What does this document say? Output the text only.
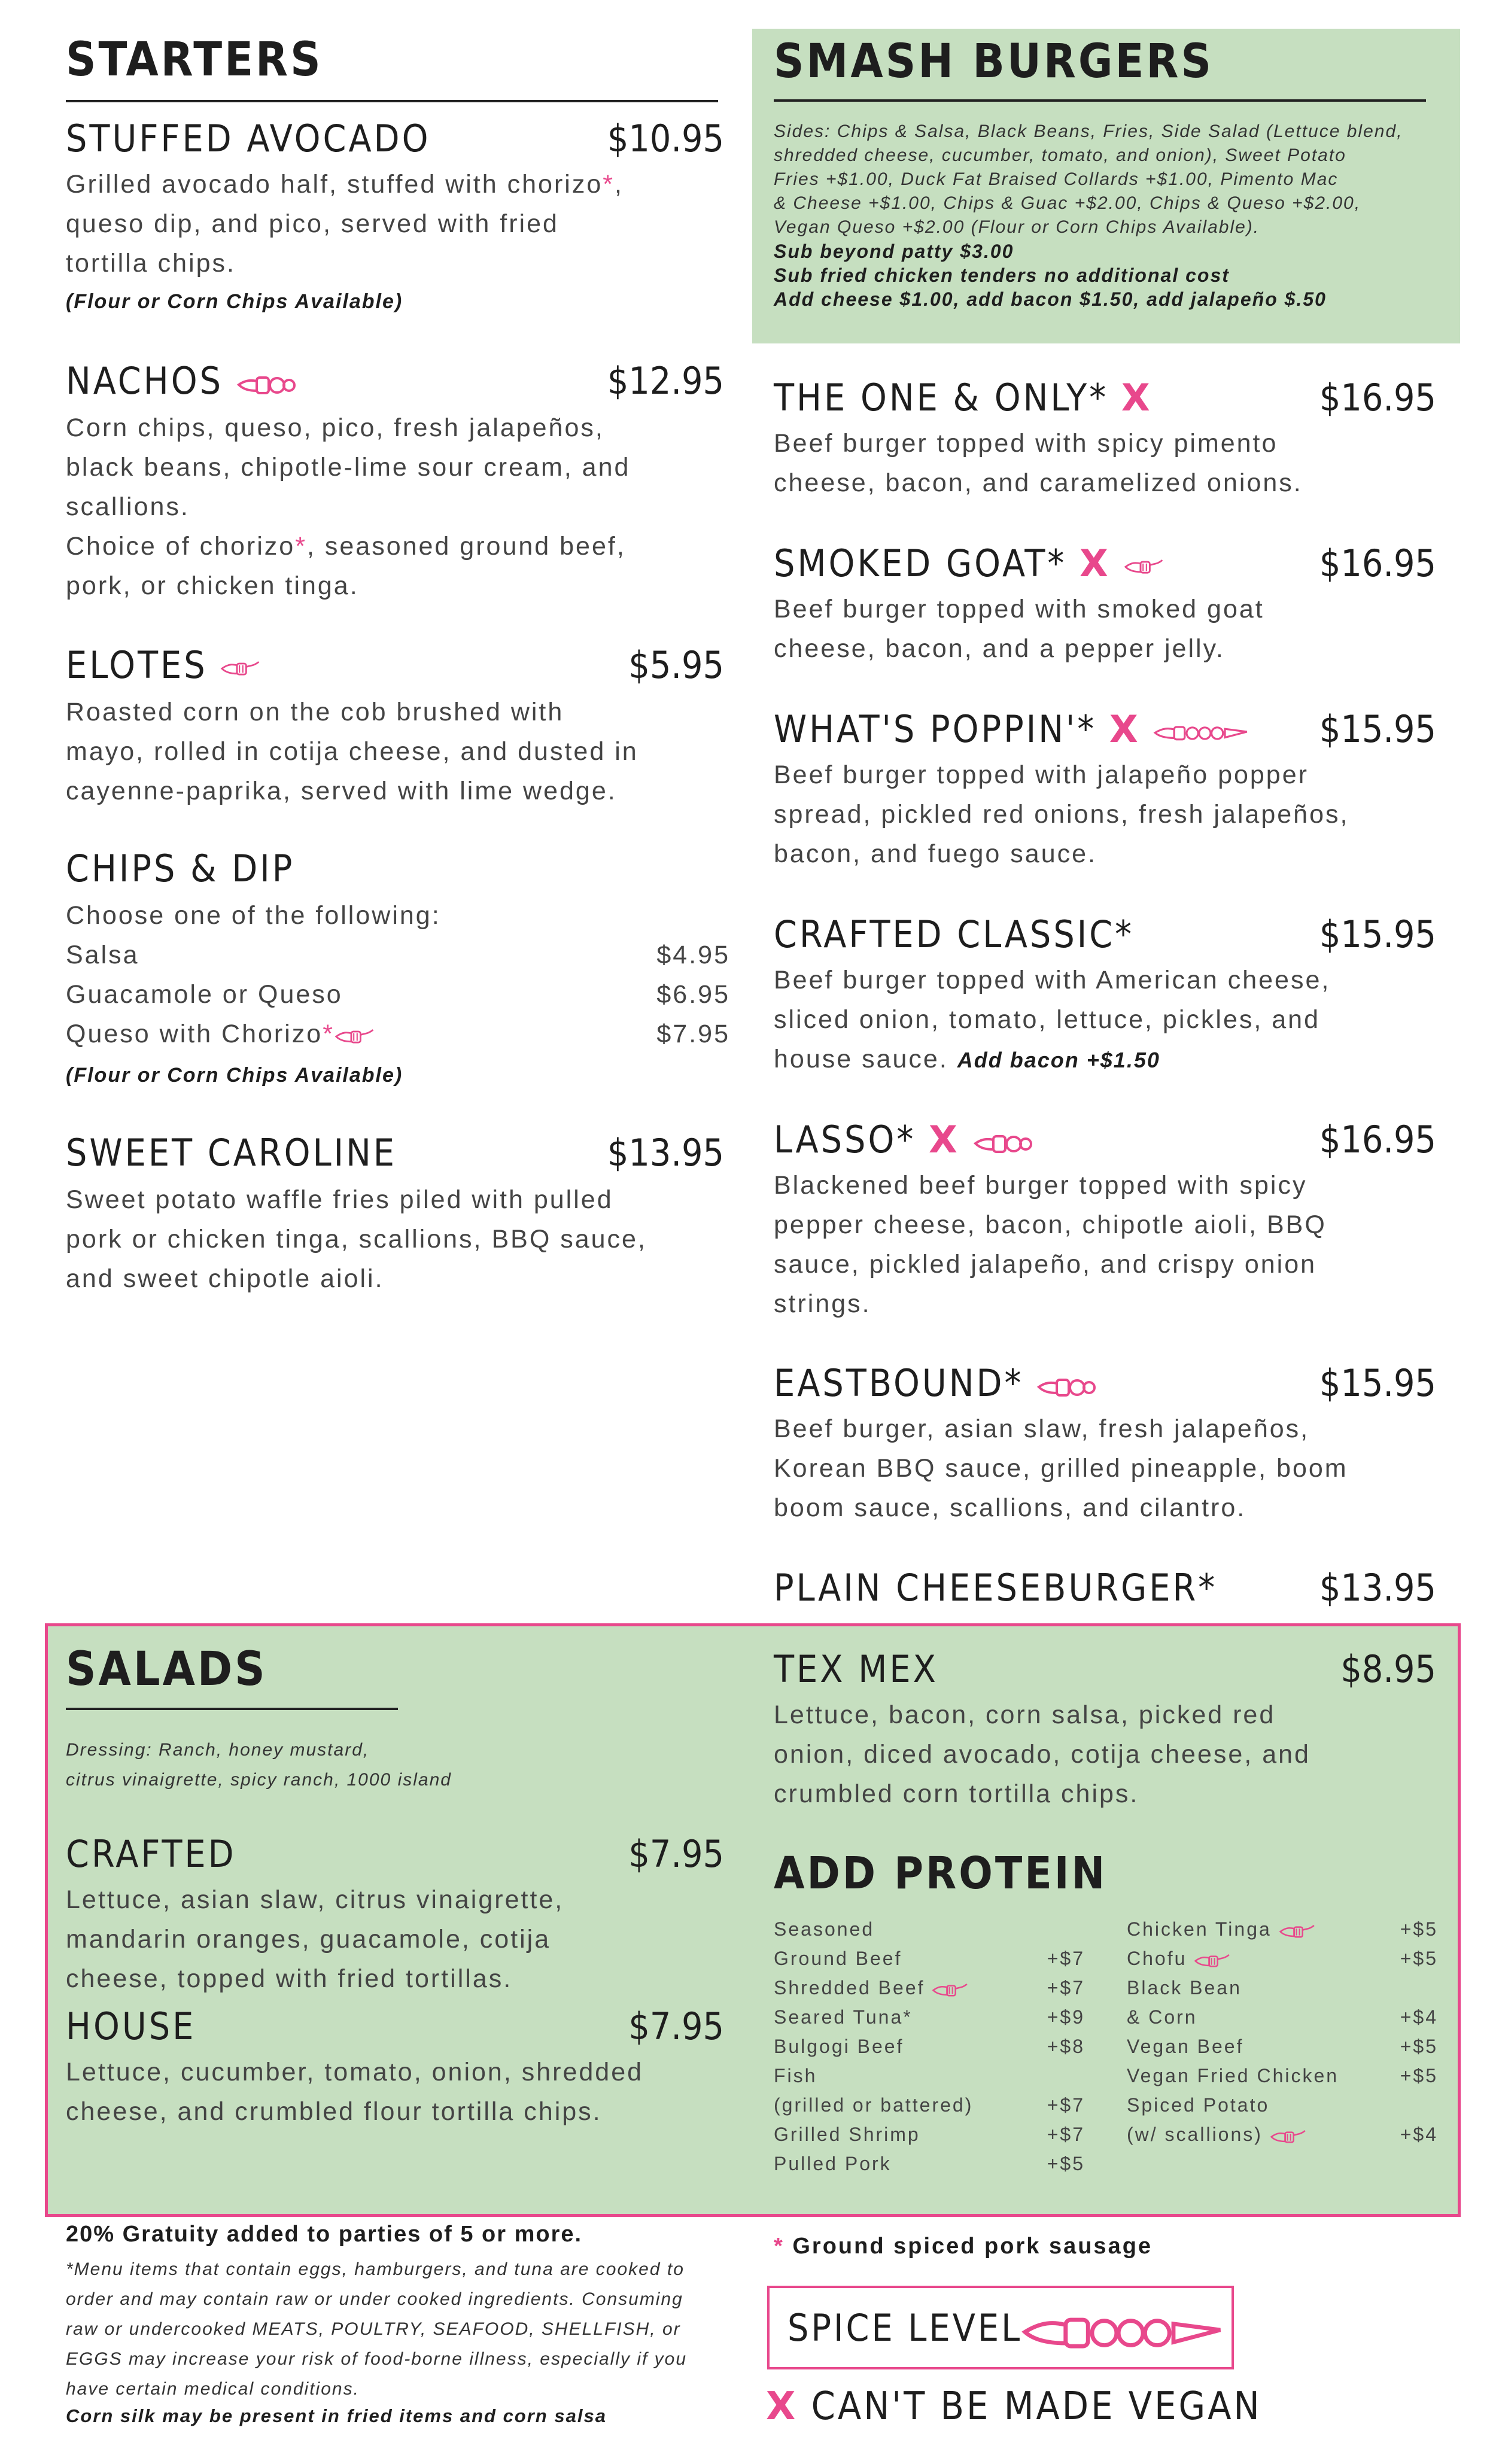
STARTERS
STUFFED AVOCADO	$10.95
Grilled avocado half, stuffed with chorizo*,
queso dip, and pico, served with fried
tortilla chips.
(Flour or Corn Chips Available)
NACHOS	$12.95
Corn chips, queso, pico, fresh jalapeños,
black beans, chipotle-lime sour cream, and
scallions.
Choice of chorizo*, seasoned ground beef,
pork, or chicken tinga.
ELOTES	$5.95
Roasted corn on the cob brushed with
mayo, rolled in cotija cheese, and dusted in
cayenne-paprika, served with lime wedge.
CHIPS & DIP
Choose one of the following:
Salsa	$4.95
Guacamole or Queso	$6.95
Queso with Chorizo*	$7.95
(Flour or Corn Chips Available)
SWEET CAROLINE	$13.95
Sweet potato waffle fries piled with pulled
pork or chicken tinga, scallions, BBQ sauce,
and sweet chipotle aioli.
SMASH BURGERS
Sides: Chips & Salsa, Black Beans, Fries, Side Salad (Lettuce blend,
shredded cheese, cucumber, tomato, and onion), Sweet Potato
Fries +$1.00, Duck Fat Braised Collards +$1.00, Pimento Mac
& Cheese +$1.00, Chips & Guac +$2.00, Chips & Queso +$2.00,
Vegan Queso +$2.00 (Flour or Corn Chips Available).
Sub beyond patty $3.00
Sub fried chicken tenders no additional cost
Add cheese $1.00, add bacon $1.50, add jalapeño $.50
THE ONE & ONLY* X	$16.95
Beef burger topped with spicy pimento
cheese, bacon, and caramelized onions.
SMOKED GOAT* X	$16.95
Beef burger topped with smoked goat
cheese, bacon, and a pepper jelly.
WHAT'S POPPIN'* X	$15.95
Beef burger topped with jalapeño popper
spread, pickled red onions, fresh jalapeños,
bacon, and fuego sauce.
CRAFTED CLASSIC*	$15.95
Beef burger topped with American cheese,
sliced onion, tomato, lettuce, pickles, and
house sauce. Add bacon +$1.50
LASSO* X	$16.95
Blackened beef burger topped with spicy
pepper cheese, bacon, chipotle aioli, BBQ
sauce, pickled jalapeño, and crispy onion
strings.
EASTBOUND*	$15.95
Beef burger, asian slaw, fresh jalapeños,
Korean BBQ sauce, grilled pineapple, boom
boom sauce, scallions, and cilantro.
PLAIN CHEESEBURGER*	$13.95
SALADS
Dressing: Ranch, honey mustard,
citrus vinaigrette, spicy ranch, 1000 island
CRAFTED	$7.95
Lettuce, asian slaw, citrus vinaigrette,
mandarin oranges, guacamole, cotija
cheese, topped with fried tortillas.
HOUSE	$7.95
Lettuce, cucumber, tomato, onion, shredded
cheese, and crumbled flour tortilla chips.
TEX MEX	$8.95
Lettuce, bacon, corn salsa, picked red
onion, diced avocado, cotija cheese, and
crumbled corn tortilla chips.
ADD PROTEIN
Seasoned
Ground Beef	+$7
Shredded Beef	+$7
Seared Tuna*	+$9
Bulgogi Beef	+$8
Fish
(grilled or battered)	+$7
Grilled Shrimp	+$7
Pulled Pork	+$5
Chicken Tinga	+$5
Chofu	+$5
Black Bean
& Corn	+$4
Vegan Beef	+$5
Vegan Fried Chicken	+$5
Spiced Potato
(w/ scallions)	+$4
20% Gratuity added to parties of 5 or more.
*Menu items that contain eggs, hamburgers, and tuna are cooked to
order and may contain raw or under cooked ingredients. Consuming
raw or undercooked MEATS, POULTRY, SEAFOOD, SHELLFISH, or
EGGS may increase your risk of food-borne illness, especially if you
have certain medical conditions.
Corn silk may be present in fried items and corn salsa
* Ground spiced pork sausage
SPICE LEVEL
X CAN'T BE MADE VEGAN
